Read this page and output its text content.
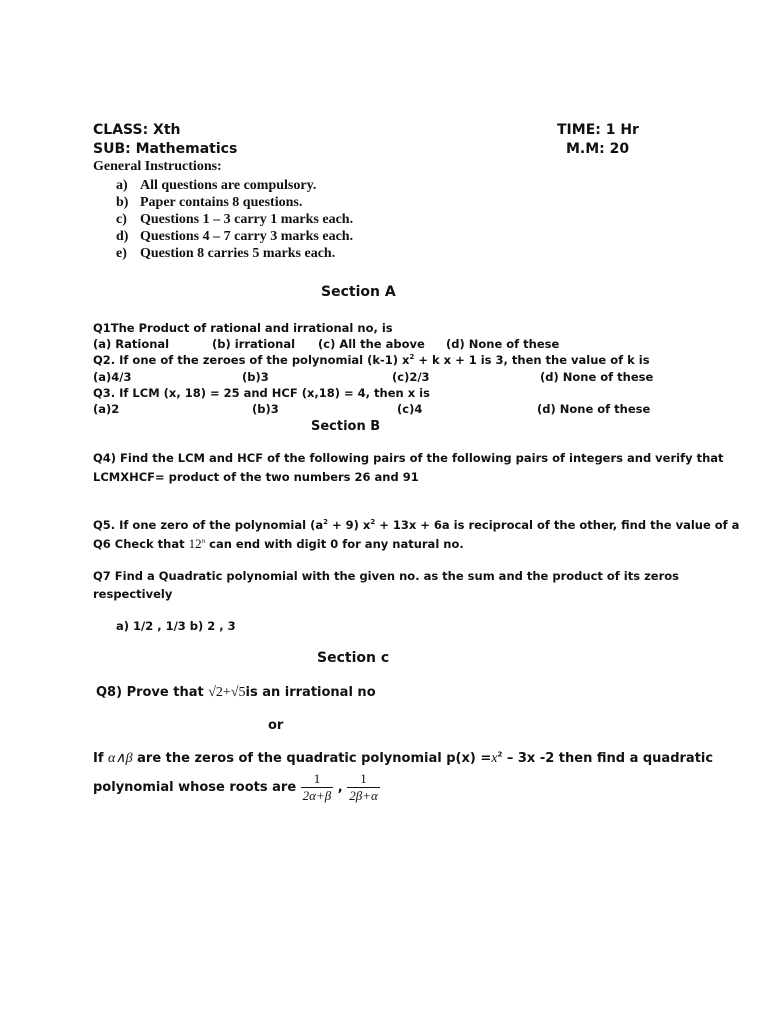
CLASS: Xth	TIME: 1 Hr
SUB: Mathematics	M.M: 20
General Instructions:
a) All questions are compulsory.
b) Paper contains 8 questions.
c) Questions 1 – 3 carry 1 marks each.
d) Questions 4 – 7 carry 3 marks each.
e) Question 8 carries 5 marks each.
Section A
Q1The Product of rational and irrational no, is
(a) Rational	(b) irrational (c) All the above (d) None of these
Q2. If one of the zeroes of the polynomial (k-1) $x^2 + k$ x + 1 is 3, then the value of k is
(a)4/3	(b)3	(c)2/3	(d) None of these
Q3. If LCM (x, 18) = 25 and HCF (x,18) = 4, then x is
(a)2	(b)3	(c)4	(d) None of these
Section B
Q4) Find the LCM and HCF of the following pairs of the following pairs of integers and verify that
LCMXHCF= product of the two numbers 26 and 91
Q5. If one zero of the polynomial $(a^2 + 9) x^2 + 13x + 6a$ is reciprocal of the other, find the value of a
Q6 Check that 12$^n$ can end with digit 0 for any natural no.
Q7 Find a Quadratic polynomial with the given no. as the sum and the product of its zeros
respectively
a) 1/2 , 1/3 b) 2 , 3
Section c
Q8) Prove that √2+√5is an irrational no
or
If α∧β are the zeros of the quadratic polynomial $p(x) =x^2 - 3x$ -2 then find a quadratic
polynomial whose roots are $\frac{1}{2\alpha+\beta}$ , $\frac{1}{2\beta+\alpha}$
